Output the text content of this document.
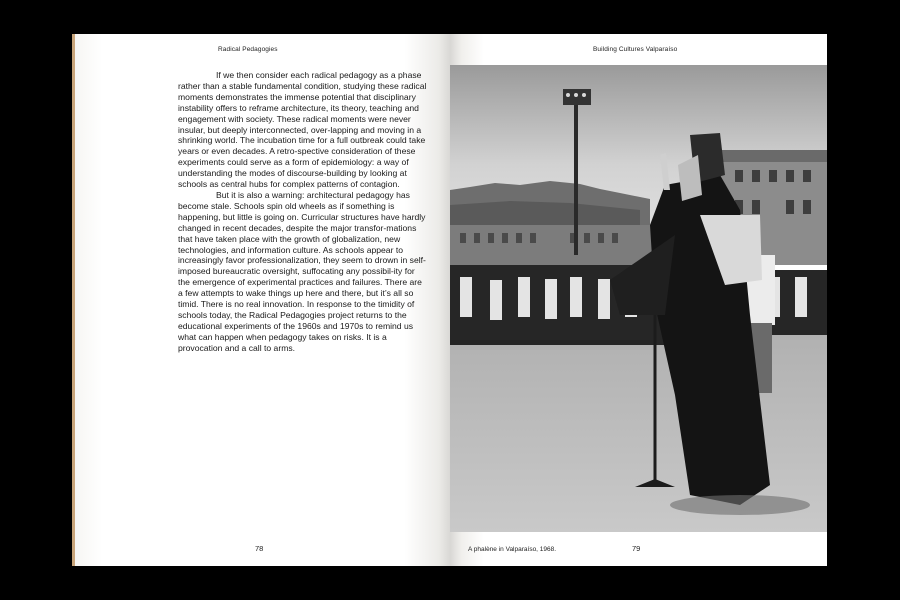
Radical Pedagogies

If we then consider each radical pedagogy as a phase rather than a stable fundamental condition, studying these radical moments demonstrates the immense potential that disciplinary instability offers to reframe architecture, its theory, teaching and engagement with society. These radical moments were never insular, but deeply interconnected, over-lapping and moving in a shrinking world. The incubation time for a full outbreak could take years or even decades. A retro-spective consideration of these experiments could serve as a form of epidemiology: a way of understanding the modes of discourse-building by looking at schools as central hubs for complex patterns of contagion.

But it is also a warning: architectural pedagogy has become stale. Schools spin old wheels as if something is happening, but little is going on. Curricular structures have hardly changed in recent decades, despite the major transfor-mations that have taken place with the growth of globalization, new technologies, and information culture. As schools appear to increasingly favor professionalization, they seem to drown in self-imposed bureaucratic oversight, suffocating any possibil-ity for the emergence of experimental practices and failures. There are a few attempts to wake things up here and there, but it’s all so timid. There is no real innovation. In response to the timidity of schools today, the Radical Pedagogies project returns to the educational experiments of the 1960s and 1970s to remind us what can happen when pedagogy takes on risks. It is a provocation and a call to arms.

78
Building Cultures Valparaíso
A phalène in Valparaíso, 1968.	79
